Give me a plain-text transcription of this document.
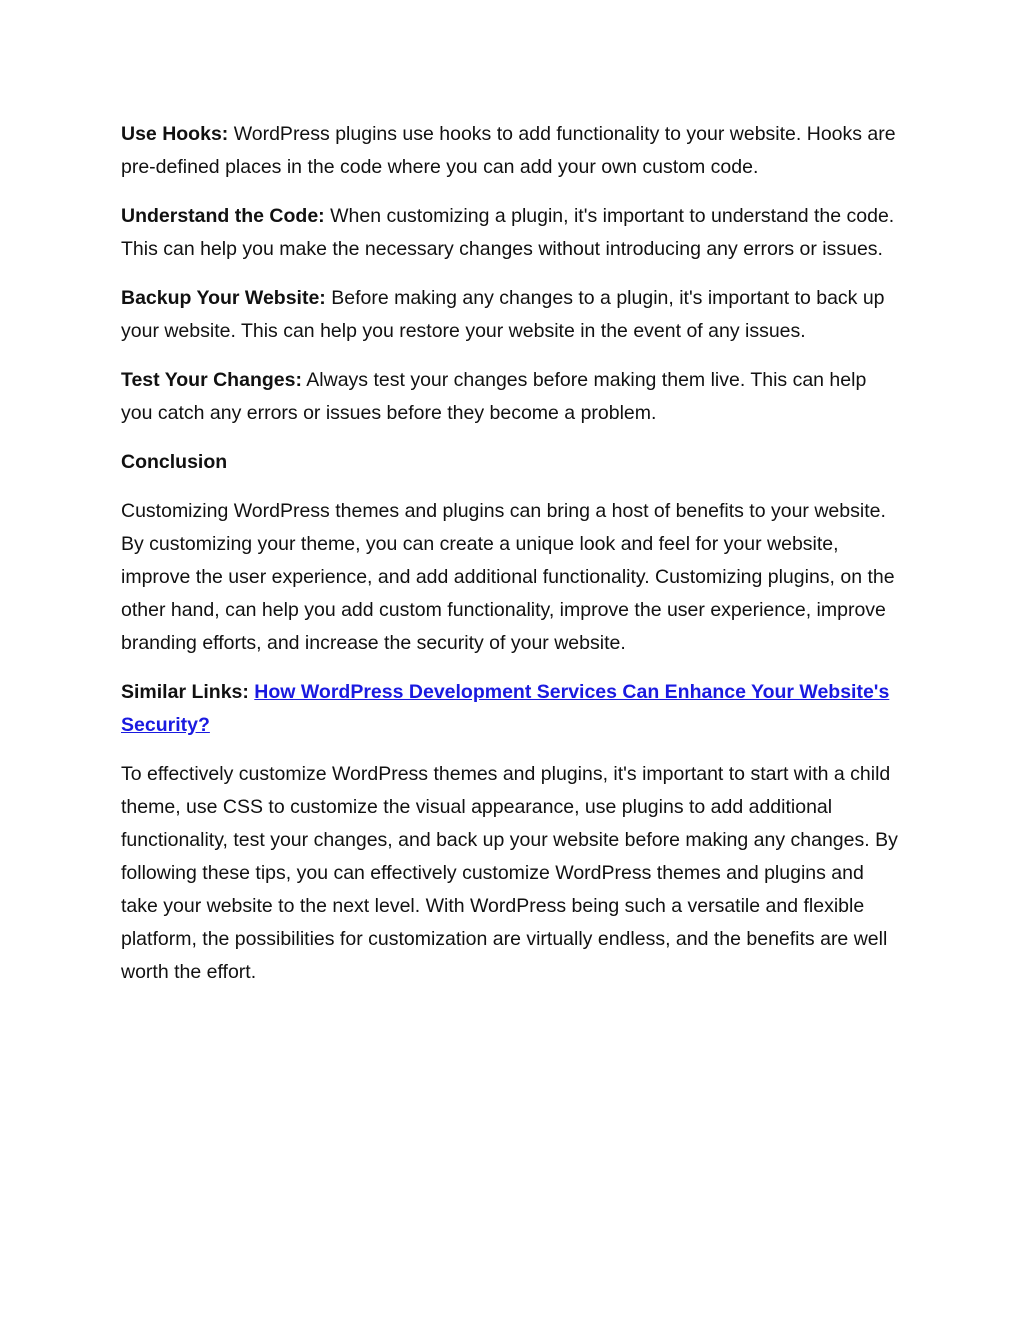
Use Hooks: WordPress plugins use hooks to add functionality to your website. Hooks are pre-defined places in the code where you can add your own custom code.

Understand the Code: When customizing a plugin, it's important to understand the code. This can help you make the necessary changes without introducing any errors or issues.

Backup Your Website: Before making any changes to a plugin, it's important to back up your website. This can help you restore your website in the event of any issues.

Test Your Changes: Always test your changes before making them live. This can help you catch any errors or issues before they become a problem.

Conclusion

Customizing WordPress themes and plugins can bring a host of benefits to your website. By customizing your theme, you can create a unique look and feel for your website, improve the user experience, and add additional functionality. Customizing plugins, on the other hand, can help you add custom functionality, improve the user experience, improve branding efforts, and increase the security of your website.

Similar Links: How WordPress Development Services Can Enhance Your Website's Security?

To effectively customize WordPress themes and plugins, it's important to start with a child theme, use CSS to customize the visual appearance, use plugins to add additional functionality, test your changes, and back up your website before making any changes. By following these tips, you can effectively customize WordPress themes and plugins and take your website to the next level. With WordPress being such a versatile and flexible platform, the possibilities for customization are virtually endless, and the benefits are well worth the effort.
